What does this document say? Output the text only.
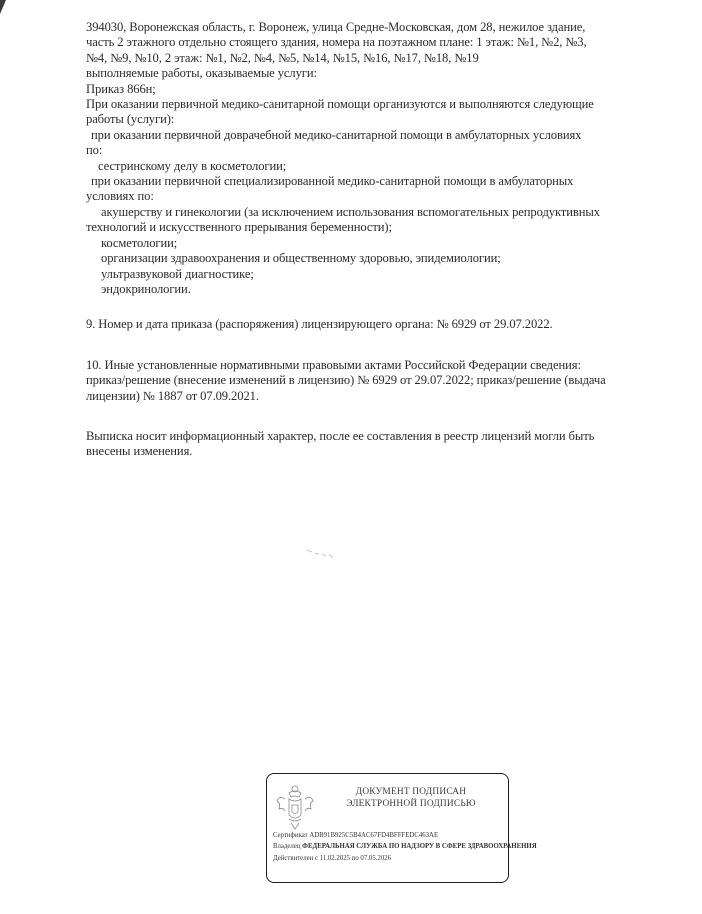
394030, Воронежская область, г. Воронеж, улица Средне-Московская, дом 28, нежилое здание,
часть 2 этажного отдельно стоящего здания, номера на поэтажном плане: 1 этаж: №1, №2, №3,
№4, №9, №10, 2 этаж: №1, №2, №4, №5, №14, №15, №16, №17, №18, №19
выполняемые работы, оказываемые услуги:
Приказ 866н;
При оказании первичной медико-санитарной помощи организуются и выполняются следующие
работы (услуги):
при оказании первичной доврачебной медико-санитарной помощи в амбулаторных условиях
по:
сестринскому делу в косметологии;
при оказании первичной специализированной медико-санитарной помощи в амбулаторных
условиях по:
акушерству и гинекологии (за исключением использования вспомогательных репродуктивных
технологий и искусственного прерывания беременности);
косметологии;
организации здравоохранения и общественному здоровью, эпидемиологии;
ультразвуковой диагностике;
эндокринологии.
9. Номер и дата приказа (распоряжения) лицензирующего органа: № 6929 от 29.07.2022.
10. Иные установленные нормативными правовыми актами Российской Федерации сведения:
приказ/решение (внесение изменений в лицензию) № 6929 от 29.07.2022; приказ/решение (выдача
лицензии) № 1887 от 07.09.2021.
Выписка носит информационный характер, после ее составления в реестр лицензий могли быть
внесены изменения.
ДОКУМЕНТ ПОДПИСАН
ЭЛЕКТРОННОЙ ПОДПИСЬЮ
Сертификат ADB91B925C5B4AC67FD4BFFFEDC463AE
Владелец ФЕДЕРАЛЬНАЯ СЛУЖБА ПО НАДЗОРУ В СФЕРЕ ЗДРАВООХРАНЕНИЯ
Действителен с 11.02.2025 по 07.05.2026
